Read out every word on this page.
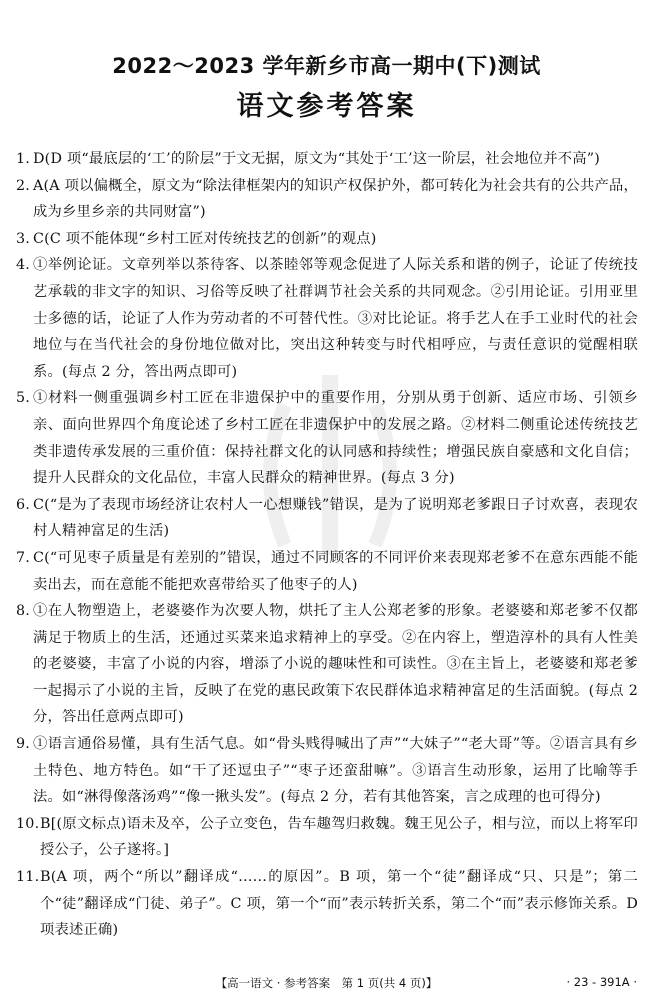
2022～2023 学年新乡市高一期中(下)测试
语文参考答案
1. D(D 项“最底层的‘工’的阶层”于文无据，原文为“其处于‘工’这一阶层，社会地位并不高”)
2. A(A 项以偏概全，原文为“除法律框架内的知识产权保护外，都可转化为社会共有的公共产品，成为乡里乡亲的共同财富”)
3. C(C 项不能体现“乡村工匠对传统技艺的创新”的观点)
4. ①举例论证。文章列举以茶待客、以茶睦邻等观念促进了人际关系和谐的例子，论证了传统技艺承载的非文字的知识、习俗等反映了社群调节社会关系的共同观念。②引用论证。引用亚里士多德的话，论证了人作为劳动者的不可替代性。③对比论证。将手艺人在手工业时代的社会地位与在当代社会的身份地位做对比，突出这种转变与时代相呼应，与责任意识的觉醒相联系。(每点 2 分，答出两点即可)
5. ①材料一侧重强调乡村工匠在非遗保护中的重要作用，分别从勇于创新、适应市场、引领乡亲、面向世界四个角度论述了乡村工匠在非遗保护中的发展之路。②材料二侧重论述传统技艺类非遗传承发展的三重价值：保持社群文化的认同感和持续性；增强民族自豪感和文化自信；提升人民群众的文化品位，丰富人民群众的精神世界。(每点 3 分)
6. C(“是为了表现市场经济让农村人一心想赚钱”错误，是为了说明郑老爹跟日子讨欢喜，表现农村人精神富足的生活)
7. C(“可见枣子质量是有差别的”错误，通过不同顾客的不同评价来表现郑老爹不在意东西能不能卖出去，而在意能不能把欢喜带给买了他枣子的人)
8. ①在人物塑造上，老婆婆作为次要人物，烘托了主人公郑老爹的形象。老婆婆和郑老爹不仅都满足于物质上的生活，还通过买菜来追求精神上的享受。②在内容上，塑造淳朴的具有人性美的老婆婆，丰富了小说的内容，增添了小说的趣味性和可读性。③在主旨上，老婆婆和郑老爹一起揭示了小说的主旨，反映了在党的惠民政策下农民群体追求精神富足的生活面貌。(每点 2 分，答出任意两点即可)
9. ①语言通俗易懂，具有生活气息。如“骨头贱得喊出了声”“大妹子”“老大哥”等。②语言具有乡土特色、地方特色。如“干了还逗虫子”“枣子还蛮甜嘛”。③语言生动形象，运用了比喻等手法。如“淋得像落汤鸡”“像一揪头发”。(每点 2 分，若有其他答案，言之成理的也可得分)
10. B[(原文标点)语未及卒，公子立变色，告车趣驾归救魏。魏王见公子，相与泣，而以上将军印授公子，公子遂将。]
11. B(A 项，两个“所以”翻译成“……的原因”。B 项，第一个“徒”翻译成“只、只是”；第二个“徒”翻译成“门徒、弟子”。C 项，第一个“而”表示转折关系，第二个“而”表示修饰关系。D 项表述正确)
【高一语文 · 参考答案　第 1 页(共 4 页)】	· 23 - 391A ·
